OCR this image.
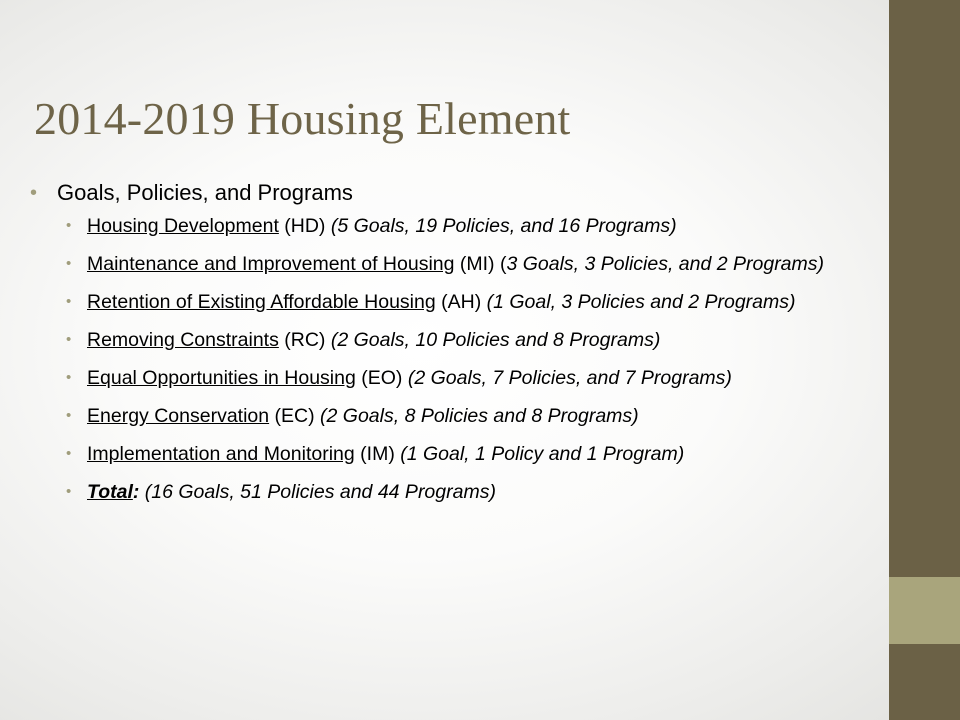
2014-2019 Housing Element
• Goals, Policies, and Programs
• Housing Development (HD) (5 Goals, 19 Policies, and 16 Programs)
• Maintenance and Improvement of Housing (MI) (3 Goals, 3 Policies, and 2 Programs)
• Retention of Existing Affordable Housing (AH) (1 Goal, 3 Policies and 2 Programs)
• Removing Constraints (RC) (2 Goals, 10 Policies and 8 Programs)
• Equal Opportunities in Housing (EO) (2 Goals, 7 Policies, and 7 Programs)
• Energy Conservation (EC) (2 Goals, 8 Policies and 8 Programs)
• Implementation and Monitoring (IM) (1 Goal, 1 Policy and 1 Program)
• Total: (16 Goals, 51 Policies and 44 Programs)
